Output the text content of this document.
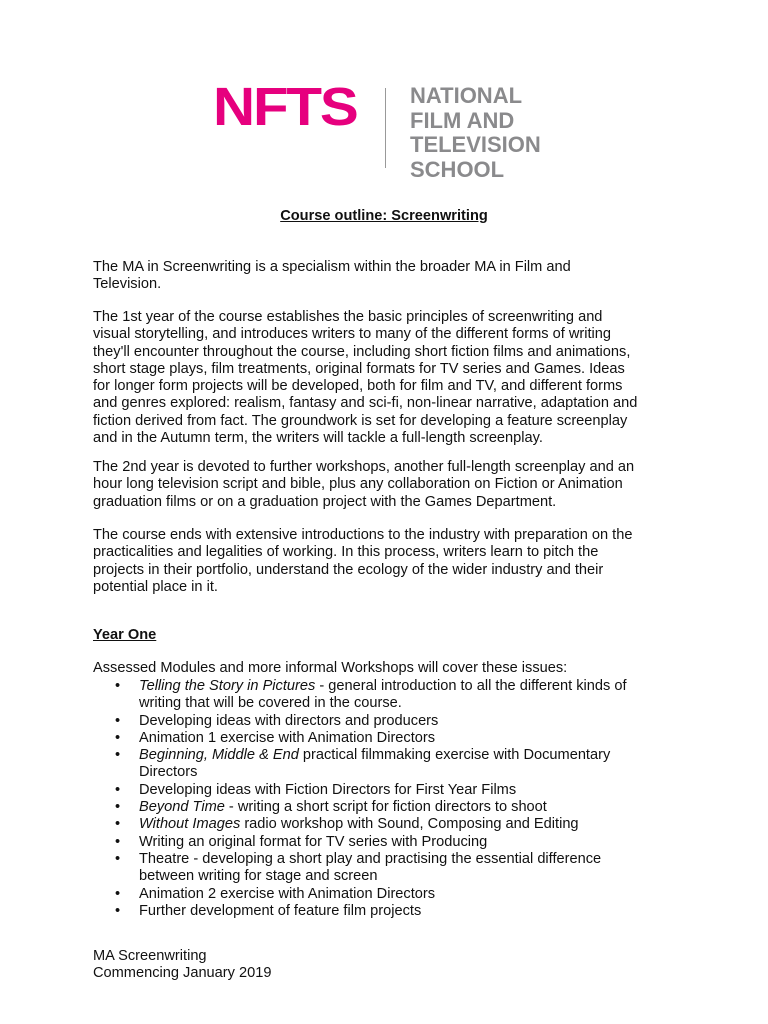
NFTS NATIONAL
FILM AND
TELEVISION
SCHOOL
Course outline: Screenwriting
The MA in Screenwriting is a specialism within the broader MA in Film and
Television.
The 1st year of the course establishes the basic principles of screenwriting and
visual storytelling, and introduces writers to many of the different forms of writing
they'll encounter throughout the course, including short fiction films and animations,
short stage plays, film treatments, original formats for TV series and Games. Ideas
for longer form projects will be developed, both for film and TV, and different forms
and genres explored: realism, fantasy and sci-fi, non-linear narrative, adaptation and
fiction derived from fact. The groundwork is set for developing a feature screenplay
and in the Autumn term, the writers will tackle a full-length screenplay.
The 2nd year is devoted to further workshops, another full-length screenplay and an
hour long television script and bible, plus any collaboration on Fiction or Animation
graduation films or on a graduation project with the Games Department.
The course ends with extensive introductions to the industry with preparation on the
practicalities and legalities of working. In this process, writers learn to pitch the
projects in their portfolio, understand the ecology of the wider industry and their
potential place in it.
Year One
Assessed Modules and more informal Workshops will cover these issues:
• Telling the Story in Pictures - general introduction to all the different kinds of
writing that will be covered in the course.
• Developing ideas with directors and producers
• Animation 1 exercise with Animation Directors
• Beginning, Middle & End practical filmmaking exercise with Documentary
Directors
• Developing ideas with Fiction Directors for First Year Films
• Beyond Time - writing a short script for fiction directors to shoot
• Without Images radio workshop with Sound, Composing and Editing
• Writing an original format for TV series with Producing
• Theatre - developing a short play and practising the essential difference
between writing for stage and screen
• Animation 2 exercise with Animation Directors
• Further development of feature film projects
MA Screenwriting
Commencing January 2019
